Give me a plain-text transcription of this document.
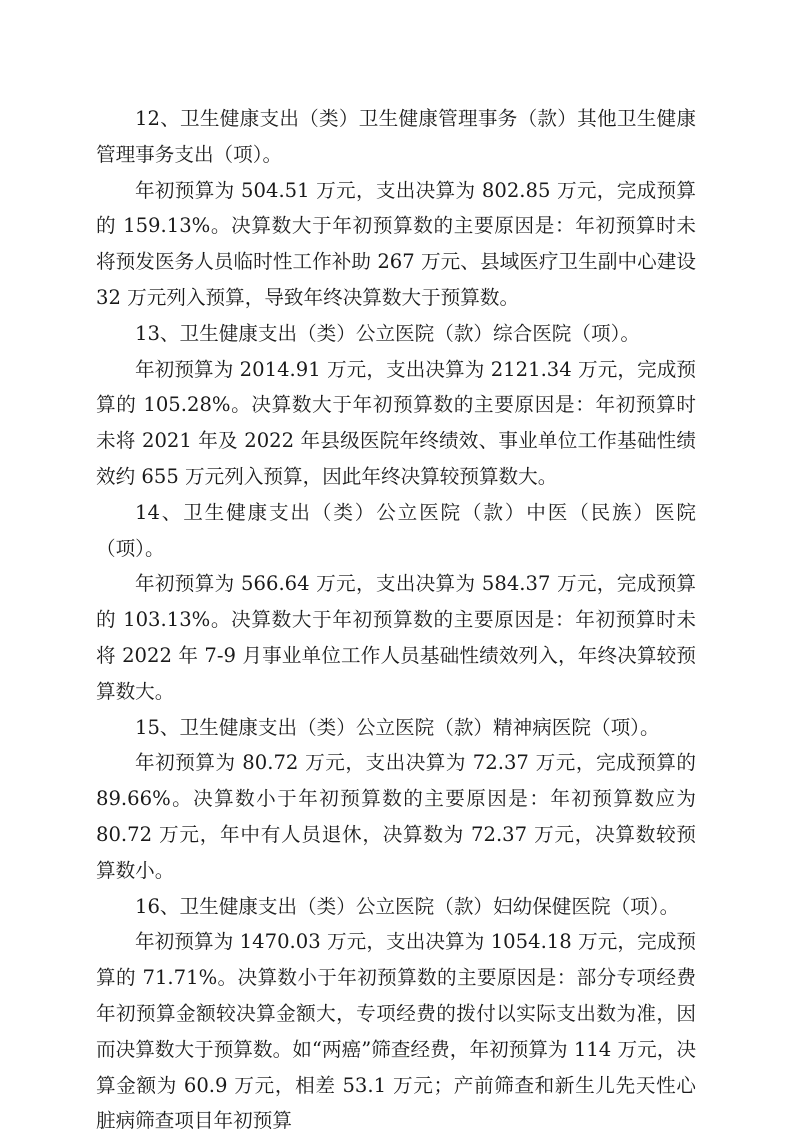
12、卫生健康支出（类）卫生健康管理事务（款）其他卫生健康管理事务支出（项）。

年初预算为 504.51 万元，支出决算为 802.85 万元，完成预算的 159.13%。决算数大于年初预算数的主要原因是：年初预算时未将预发医务人员临时性工作补助 267 万元、县域医疗卫生副中心建设 32 万元列入预算，导致年终决算数大于预算数。

13、卫生健康支出（类）公立医院（款）综合医院（项）。

年初预算为 2014.91 万元，支出决算为 2121.34 万元，完成预算的 105.28%。决算数大于年初预算数的主要原因是：年初预算时未将 2021 年及 2022 年县级医院年终绩效、事业单位工作基础性绩效约 655 万元列入预算，因此年终决算较预算数大。

14、卫生健康支出（类）公立医院（款）中医（民族）医院（项）。

年初预算为 566.64 万元，支出决算为 584.37 万元，完成预算的 103.13%。决算数大于年初预算数的主要原因是：年初预算时未将 2022 年 7-9 月事业单位工作人员基础性绩效列入，年终决算较预算数大。

15、卫生健康支出（类）公立医院（款）精神病医院（项）。

年初预算为 80.72 万元，支出决算为 72.37 万元，完成预算的 89.66%。决算数小于年初预算数的主要原因是：年初预算数应为 80.72 万元，年中有人员退休，决算数为 72.37 万元，决算数较预算数小。

16、卫生健康支出（类）公立医院（款）妇幼保健医院（项）。

年初预算为 1470.03 万元，支出决算为 1054.18 万元，完成预算的 71.71%。决算数小于年初预算数的主要原因是：部分专项经费年初预算金额较决算金额大，专项经费的拨付以实际支出数为准，因而决算数大于预算数。如“两癌”筛查经费，年初预算为 114 万元，决算金额为 60.9 万元，相差 53.1 万元；产前筛查和新生儿先天性心脏病筛查项目年初预算
